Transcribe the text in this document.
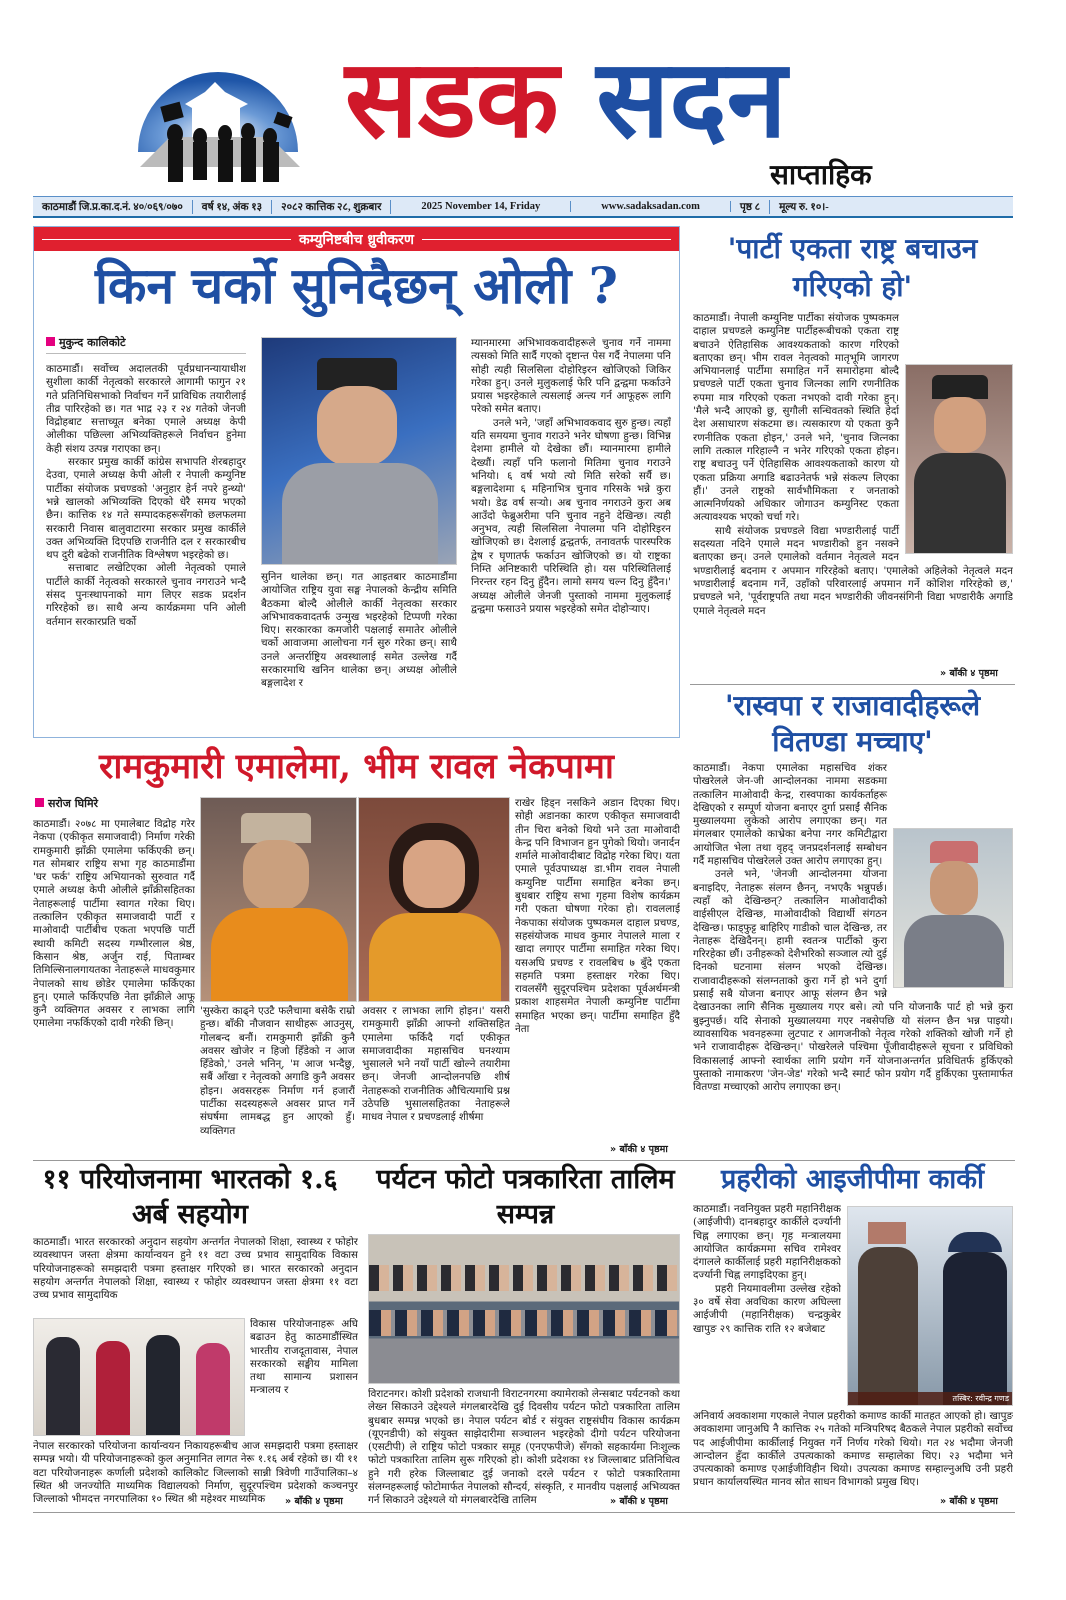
सडक सदन
साप्ताहिक
काठमाडौं जि.प्र.का.द.नं. ४०/०६९/०७०	वर्ष १४, अंक १३	२०८२ कात्तिक २८, शुक्रबार	2025 November 14, Friday	www.sadaksadan.com	पृष्ठ ८	मूल्य रु. १०।-
कम्युनिष्टबीच ध्रुवीकरण
किन चर्को सुनिदैछन् ओली ?
मुकुन्द कालिकोटे

काठमाडौं। सर्वोच्च अदालतकी पूर्वप्रधानन्यायाधीश सुशीला कार्की नेतृत्वको सरकारले आगामी फागुन २१ गते प्रतिनिधिसभाको निर्वाचन गर्ने प्राविधिक तयारीलाई तीव्र पारिरहेको छ। गत भाद्र २३ र २४ गतेको जेनजी विद्रोहबाट सत्ताच्यूत बनेका एमाले अध्यक्ष केपी ओलीका पछिल्ला अभिव्यक्तिहरूले निर्वाचन हुनेमा केही संशय उत्पन्न गराएका छन्।

सरकार प्रमुख कार्की कांग्रेस सभापति शेरबहादुर देउवा, एमाले अध्यक्ष केपी ओली र नेपाली कम्युनिष्ट पार्टीका संयोजक प्रचण्डको 'अनुहार हेर्न नपरे हुन्थ्यो' भन्ने खालको अभिव्यक्ति दिएको धेरै समय भएको छैन। कात्तिक १४ गते सम्पादकहरूसँगको छलफलमा सरकारी निवास बालुवाटारमा सरकार प्रमुख कार्कीले उक्त अभिव्यक्ति दिएपछि राजनीति दल र सरकारबीच थप दुरी बढेको राजनीतिक विश्लेषण भइरहेको छ।

सत्ताबाट लखेटिएका ओली नेतृत्वको एमाले पार्टीले कार्की नेतृत्वको सरकारले चुनाव नगराउने भन्दै संसद पुनःस्थापनाको माग लिएर सडक प्रदर्शन गरिरहेको छ। साथै अन्य कार्यक्रममा पनि ओली वर्तमान सरकारप्रति चर्को

सुनिन थालेका छन्। गत आइतबार काठमाडौंमा आयोजित राष्ट्रिय युवा सङ्घ नेपालको केन्द्रीय समिति बैठकमा बोल्दै ओलीले कार्की नेतृत्वका सरकार अभिभावकवादतर्फ उन्मुख भइरहेको टिप्पणी गरेका थिए। सरकारका कमजोरी पक्षलाई समातेर ओलीले चर्को आवाजमा आलोचना गर्न सुरु गरेका छन्। साथै उनले अन्तर्राष्ट्रिय अवस्थालाई समेत उल्लेख गर्दै सरकारमाथि खनिन थालेका छन्। अध्यक्ष ओलीले बङ्गलादेश र

म्यानमारमा अभिभावकवादीहरूले चुनाव गर्ने नाममा त्यसको मिति सार्दै गएको दृष्टान्त पेस गर्दै नेपालमा पनि सोही त्यही सिलसिला दोहोरिइरन खोजिएको जिकिर गरेका हुन्। उनले मुलुकलाई फेरि पनि द्वन्द्वमा फर्काउने प्रयास भइरहेकाले त्यसलाई अन्त्य गर्न आफूहरू लागि परेको समेत बताए।

उनले भने, 'जहाँ अभिभावकवाद सुरु हुन्छ। त्यहाँ यति समयमा चुनाव गराउने भनेर घोषणा हुन्छ। विभिन्न देशमा हामीले यो देखेका छौं। म्यानमारमा हामीले देख्यौं। त्यहाँ पनि फलानो मितिमा चुनाव गराउने भनियो। ६ वर्ष भयो त्यो मिति सरेको सर्यै छ। बङ्गलादेशमा ६ महिनाभित्र चुनाव गरिसके भन्ने कुरा भयो। डेढ वर्ष सऱ्यो। अब चुनाव नगराउने कुरा अब आउँदो फेब्रुअरीमा पनि चुनाव नहुने देखिन्छ। त्यही अनुभव, त्यही सिलसिला नेपालमा पनि दोहोरिइरन खोजिएको छ। देशलाई द्वन्द्वतर्फ, तनावतर्फ पारस्परिक द्वेष र घृणातर्फ फर्काउन खोजिएको छ। यो राष्ट्रका निम्ति अनिष्टकारी परिस्थिति हो। यस परिस्थितिलाई निरन्तर रहन दिनु हुँदैन। लामो समय चल्न दिनु हुँदैन।' अध्यक्ष ओलीले जेनजी पुस्ताको नाममा मुलुकलाई द्वन्द्वमा फसाउने प्रयास भइरहेको समेत दोहोऱ्याए।

'पार्टी एकता राष्ट्र बचाउन गरिएको हो'

काठमाडौं। नेपाली कम्युनिष्ट पार्टीका संयोजक पुष्पकमल दाहाल प्रचण्डले कम्युनिष्ट पार्टीहरूबीचको एकता राष्ट्र बचाउने ऐतिहासिक आवश्यकताको कारण गरिएको बताएका छन्। भीम रावल नेतृत्वको मातृभूमि जागरण अभियानलाई पार्टीमा समाहित गर्ने समारोहमा बोल्दै प्रचण्डले पार्टी एकता चुनाव जित्नका लागि रणनीतिक रुपमा मात्र गरिएको एकता नभएको दावी गरेका हुन्। 'मैले भन्दै आएको छु, सुगौली सन्धिवतको स्थिति हेर्दा देश असाधारण संकटमा छ। त्यसकारण यो एकता कुनै रणनीतिक एकता होइन,' उनले भने, 'चुनाव जित्नका लागि तत्काल गरिहाल्नै न भनेर गरिएको एकता होइन। राष्ट्र बचाउनु पर्ने ऐतिहासिक आवश्यकताको कारण यो एकता प्रक्रिया अगाडि बढाउनेतर्फ भन्ने संकल्प लिएका हौं।' उनले राष्ट्रको सार्वभौमिकता र जनताको आत्मनिर्णयको अधिकार जोगाउन कम्युनिस्ट एकता अत्यावश्यक भएको चर्चा गरे।

साथै संयोजक प्रचण्डले विद्या भण्डारीलाई पार्टी सदस्यता नदिने एमाले मदन भण्डारीको हुन नसक्ने बताएका छन्। उनले एमालेको वर्तमान नेतृत्वले मदन भण्डारीलाई बदनाम र अपमान गरिरहेको बताए। 'एमालेको अहिलेको नेतृत्वले मदन भण्डारीलाई बदनाम गर्ने, उहाँको परिवारलाई अपमान गर्ने कोशिश गरिरहेको छ,' प्रचण्डले भने, 'पूर्वराष्ट्रपति तथा मदन भण्डारीकी जीवनसंगिनी विद्या भण्डारीकै अगाडि एमाले नेतृत्वले मदन

» बाँकी ४ पृष्ठमा
'रास्वपा र राजावादीहरूले वितण्डा मच्चाए'

काठमाडौं। नेकपा एमालेका महासचिव शंकर पोखरेलले जेन-जी आन्दोलनका नाममा सडकमा तत्कालिन माओवादी केन्द्र, रास्वपाका कार्यकर्ताहरू देखिएको र सम्पूर्ण योजना बनाएर दुर्गा प्रसाईं सैनिक मुख्यालयमा लुकेको आरोप लगाएका छन्। गत मंगलबार एमालेको काभ्रेका बनेपा नगर कमिटीद्वारा आयोजित भेला तथा वृहद् जनप्रदर्शनलाई सम्बोधन गर्दै महासचिव पोखरेलले उक्त आरोप लगाएका हुन्।

उनले भने, 'जेनजी आन्दोलनमा योजना बनाइदिए, नेताहरू संलग्न छैनन्, नभएकै भन्नुपर्छ। त्यहाँ को देखिन्छन्? तत्कालिन माओवादीको वाईसीएल देखिन्छ, माओवादीको विद्यार्थी संगठन देखिन्छ। फाड्फुट्ट बाहिरिए गाडीको चाल देखिन्छ, तर नेताहरू देखिदैनन्। हामी स्वतन्त्र पार्टीको कुरा गरिरहेका छौं। उनीहरूको देशैभरिको सञ्जाल त्यो दुई दिनको घटनामा संलग्न भएको देखिन्छ। राजावादीहरूको संलग्नताको कुरा गर्ने हो भने दुर्गा प्रसाईं सबै योजना बनाएर आफू संलग्न छैन भन्ने देखाउनका लागि सैनिक मुख्यालय गएर बसे। त्यो पनि योजनाकै पार्ट हो भन्ने कुरा बुझ्नुपर्छ। यदि सेनाको मुख्यालयमा गएर नबसेपछि यो संलग्न छैन भन्न पाइयो। व्यावसायिक भवनहरूमा लुटपाट र आगजनीको नेतृत्व गरेको शक्तिको खोजी गर्ने हो भने राजावादीहरू देखिन्छन्।' पोखरेलले पश्चिमा पूँजीवादीहरूले सूचना र प्रविधिको विकासलाई आफ्नो स्वार्थका लागि प्रयोग गर्ने योजनाअन्तर्गत प्रविधितर्फ हुर्किएको पुस्ताको नामाकरण 'जेन-जेड' गरेको भन्दै स्मार्ट फोन प्रयोग गर्दै हुर्किएका पुस्तामार्फत वितण्डा मच्चाएको आरोप लगाएका छन्।

रामकुमारी एमालेमा, भीम रावल नेकपामा
सरोज घिमिरे
काठमाडौं। २०७८ मा एमालेबाट विद्रोह गरेर नेकपा (एकीकृत समाजवादी) निर्माण गरेकी रामकुमारी झाँक्री एमालेमा फर्किएकी छन्। गत सोमबार राष्ट्रिय सभा गृह काठमाडौंमा 'घर फर्क' राष्ट्रिय अभियानको सुरुवात गर्दै एमाले अध्यक्ष केपी ओलीले झाँक्रीसहितका नेताहरूलाई पार्टीमा स्वागत गरेका थिए। तत्कालिन एकीकृत समाजवादी पार्टी र माओवादी पार्टीबीच एकता भएपछि पार्टी स्थायी कमिटी सदस्य गम्भीरलाल श्रेष्ठ, किसान श्रेष्ठ, अर्जुन राई, पिताम्बर तिमिल्सिनालगायतका नेताहरूले माधवकुमार नेपालको साथ छोडेर एमालेमा फर्किएका हुन्। एमाले फर्किएपछि नेता झाँक्रीले आफू कुनै व्यक्तिगत अवसर र लाभका लागि एमालेमा नफर्किएको दावी गरेकी छिन्।
'सुस्केरा काढ्ने एउटै फलैचामा बसेकै राम्रो हुन्छ। बाँकी नौजवान साथीहरू आउनुस्, गोलबन्द बनौं। रामकुमारी झाँक्री कुनै अवसर खोजेर न हिजो हिँडेको न आज हिँडेको,' उनले भनिन्, 'म आज भन्दैछु, सबैं आँखा र नेतृत्वको अगाडि कुनै अवसर होइन। अवसरहरू निर्माण गर्न हजारौं पार्टीका सदस्यहरूले अवसर प्राप्त गर्ने संघर्षमा लामबद्ध हुन आएको हुँ। व्यक्तिगत
अवसर र लाभका लागि होइन।' यसरी रामकुमारी झाँक्री आफ्नो शक्तिसहित एमालेमा फर्किदै गर्दा एकीकृत समाजवादीका महासचिव घनश्याम भुसालले भने नयाँ पार्टी खोल्ने तयारीमा छन्। जेनजी आन्दोलनपछि शीर्ष नेताहरूको राजनीतिक औचित्यमाथि प्रश्न उठेपछि भुसालसहितका नेताहरूले माधव नेपाल र प्रचण्डलाई शीर्षमा
राखेर हिड्न नसकिने अडान दिएका थिए। सोही अडानका कारण एकीकृत समाजवादी तीन चिरा बनेको थियो भने उता माओवादी केन्द्र पनि विभाजन हुन पुगेको थियो। जनार्दन शर्माले माओवादीबाट विद्रोह गरेका थिए। यता एमाले पूर्वउपाध्यक्ष डा.भीम रावल नेपाली कम्युनिष्ट पार्टीमा समाहित बनेका छन्। बुधबार राष्ट्रिय सभा गृहमा विशेष कार्यक्रम गरी एकता घोषणा गरेका हो। रावललाई नेकपाका संयोजक पुष्पकमल दाहाल प्रचण्ड, सहसंयोजक माधव कुमार नेपालले माला र खादा लगाएर पार्टीमा समाहित गरेका थिए। यसअघि प्रचण्ड र रावलबिच ७ बुँदे एकता सहमति पत्रमा हस्ताक्षर गरेका थिए। रावलसँगै सुदूरपश्चिम प्रदेशका पूर्वअर्थमन्त्री प्रकाश शाहसमेत नेपाली कम्युनिष्ट पार्टीमा समाहित भएका छन्। पार्टीमा समाहित हुँदै नेता
» बाँकी ४ पृष्ठमा
११ परियोजनामा भारतको १.६ अर्ब सहयोग
काठमाडौं। भारत सरकारको अनुदान सहयोग अन्तर्गत नेपालको शिक्षा, स्वास्थ्य र फोहोर व्यवस्थापन जस्ता क्षेत्रमा कार्यान्वयन हुने ११ वटा उच्च प्रभाव सामुदायिक विकास परियोजनाहरूको समझदारी पत्रमा हस्ताक्षर गरिएको छ। भारत सरकारको अनुदान सहयोग अन्तर्गत नेपालको शिक्षा, स्वास्थ्य र फोहोर व्यवस्थापन जस्ता क्षेत्रमा ११ वटा उच्च प्रभाव सामुदायिक
विकास परियोजनाहरू अघि बढाउन हेतु काठमाडौंस्थित भारतीय राजदूतावास, नेपाल सरकारको सङ्घीय मामिला तथा सामान्य प्रशासन मन्त्रालय र
नेपाल सरकारको परियोजना कार्यान्वयन निकायहरूबीच आज समझदारी पत्रमा हस्ताक्षर सम्पन्न भयो। यी परियोजनाहरूको कुल अनुमानित लागत नेरू १.१६ अर्ब रहेको छ। यी ११ वटा परियोजनाहरू कर्णाली प्रदेशको कालिकोट जिल्लाको सान्नी त्रिवेणी गाउँपालिका–४ स्थित श्री जनज्योति माध्यमिक विद्यालयको निर्माण, सुदूरपश्चिम प्रदेशको कञ्चनपुर जिल्लाको भीमदत्त नगरपालिका १० स्थित श्री महेश्वर माध्यमिक	» बाँकी ४ पृष्ठमा
पर्यटन फोटो पत्रकारिता तालिम सम्पन्न
विराटनगर। कोशी प्रदेशको राजधानी विराटनगरमा क्यामेराको लेन्सबाट पर्यटनको कथा लेख्न सिकाउने उद्देश्यले मंगलबारदेखि दुई दिवसीय पर्यटन फोटो पत्रकारिता तालिम बुधबार सम्पन्न भएको छ। नेपाल पर्यटन बोर्ड र संयुक्त राष्ट्रसंघीय विकास कार्यक्रम (यूएनडीपी) को संयुक्त साझेदारीमा सञ्चालन भइरहेको दीगो पर्यटन परियोजना (एसटीपी) ले राष्ट्रिय फोटो पत्रकार समूह (एनएफपीजे) सँगको सहकार्यमा निःशुल्क फोटो पत्रकारिता तालिम सुरू गरिएको हो। कोशी प्रदेशका १४ जिल्लाबाट प्रतिनिधित्व हुने गरी हरेक जिल्लाबाट दुई जनाको दरले पर्यटन र फोटो पत्रकारितामा संलग्नहरूलाई फोटोमार्फत नेपालको सौन्दर्य, संस्कृति, र मानवीय पक्षलाई अभिव्यक्त गर्न सिकाउने उद्देश्यले यो मंगलबारदेखि तालिम	» बाँकी ४ पृष्ठमा
प्रहरीको आइजीपीमा कार्की

काठमाडौं। नवनियुक्त प्रहरी महानिरीक्षक (आईजीपी) दानबहादुर कार्कीले दर्ज्यानी चिह्न लगाएका छन्। गृह मन्त्रालयमा आयोजित कार्यक्रममा सचिव रामेश्वर दंगालले कार्कीलाई प्रहरी महानिरीक्षकको दर्ज्यानी चिह्न लगाइदिएका हुन्।

प्रहरी नियमावलीमा उल्लेख रहेको ३० वर्षे सेवा अवधिका कारण अघिल्ला आईजीपी (महानिरीक्षक) चन्द्रकुबेर खापुङ २९ कात्तिक राति १२ बजेबाट

तस्बिर: रवीन्द्र गणड
अनिवार्य अवकाशमा गएकाले नेपाल प्रहरीको कमाण्ड कार्की मातहत आएको हो। खापुङ अवकाशमा जानुअघि नै कात्तिक २५ गतेको मन्त्रिपरिषद बैठकले नेपाल प्रहरीको सर्वोच्च पद आईजीपीमा कार्कीलाई नियुक्त गर्ने निर्णय गरेको थियो। गत २४ भदौमा जेनजी आन्दोलन हुँदा कार्कीले उपत्यकाको कमाण्ड सम्हालेका थिए। २३ भदौमा भने उपत्यकाको कमाण्ड एआईजीविहीन थियो। उपत्यका कमाण्ड सम्हाल्नुअघि उनी प्रहरी प्रधान कार्यालयस्थित मानव स्रोत साधन विभागको प्रमुख थिए।
» बाँकी ४ पृष्ठमा
